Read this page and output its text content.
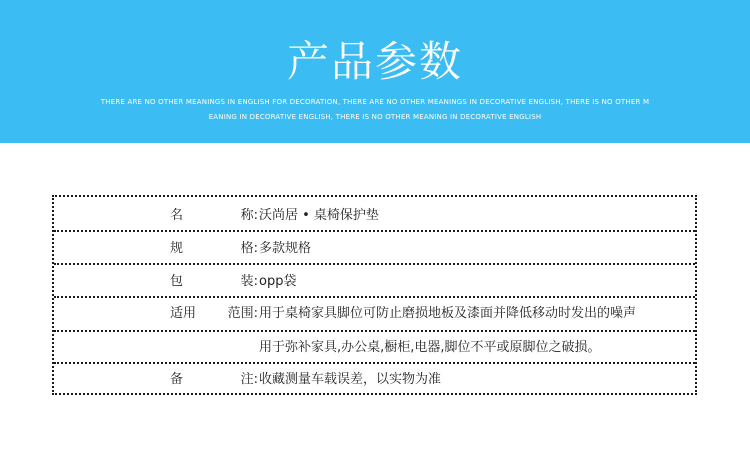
产品参数
THERE ARE NO OTHER MEANINGS IN ENGLISH FOR DECORATION, THERE ARE NO OTHER MEANINGS IN DECORATIVE ENGLISH, THERE IS NO OTHER MEANING IN DECORATIVE ENGLISH, THERE IS NO OTHER MEANING IN DECORATIVE ENGLISH
名	称: 沃尚居 • 桌椅保护垫
规	格: 多款规格
包	装: opp袋
适用 范围: 用于桌椅家具脚位可防止磨损地板及漆面并降低移动时发出的噪声
用于弥补家具,办公桌,橱柜,电器,脚位不平或原脚位之破损。
备	注: 收藏测量车载误差，以实物为准
